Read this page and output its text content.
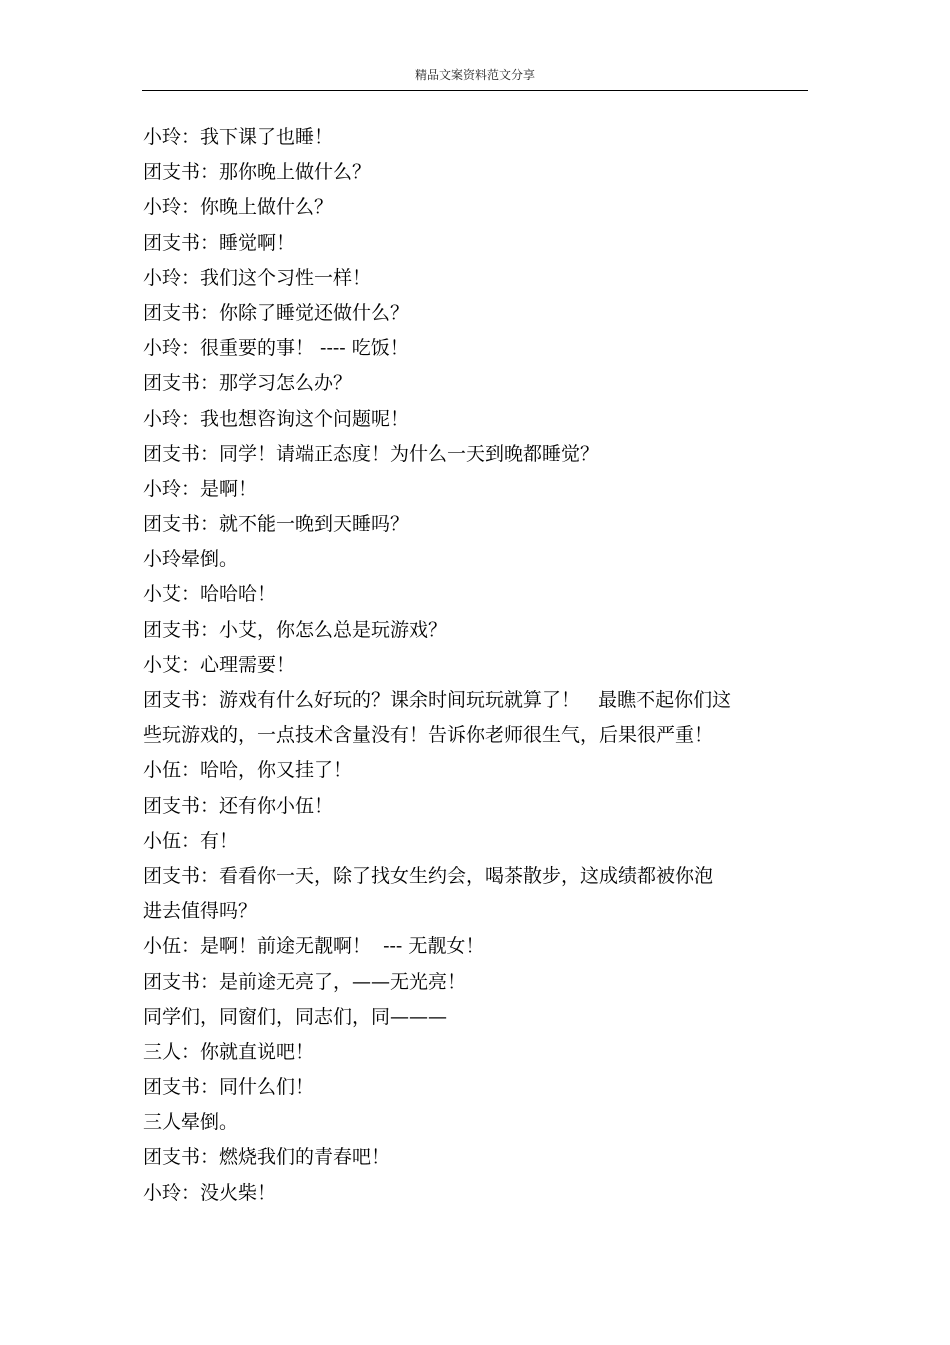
精品文案资料范文分享
小玲：我下课了也睡！
团支书：那你晚上做什么？
小玲：你晚上做什么？
团支书：睡觉啊！
小玲：我们这个习性一样！
团支书：你除了睡觉还做什么？
小玲：很重要的事！ ---- 吃饭！
团支书：那学习怎么办？
小玲：我也想咨询这个问题呢！
团支书：同学！请端正态度！为什么一天到晚都睡觉？
小玲：是啊！
团支书：就不能一晚到天睡吗？
小玲晕倒。
小艾：哈哈哈！
团支书：小艾，你怎么总是玩游戏？
小艾：心理需要！
团支书：游戏有什么好玩的？课余时间玩玩就算了！   最瞧不起你们这
些玩游戏的，一点技术含量没有！告诉你老师很生气，后果很严重！
小伍：哈哈，你又挂了！
团支书：还有你小伍！
小伍：有！
团支书：看看你一天，除了找女生约会，喝茶散步，这成绩都被你泡
进去值得吗？
小伍：是啊！前途无靓啊！  --- 无靓女！
团支书：是前途无亮了，——无光亮！
同学们，同窗们，同志们，同———
三人：你就直说吧！
团支书：同什么们！
三人晕倒。
团支书：燃烧我们的青春吧！
小玲：没火柴！
